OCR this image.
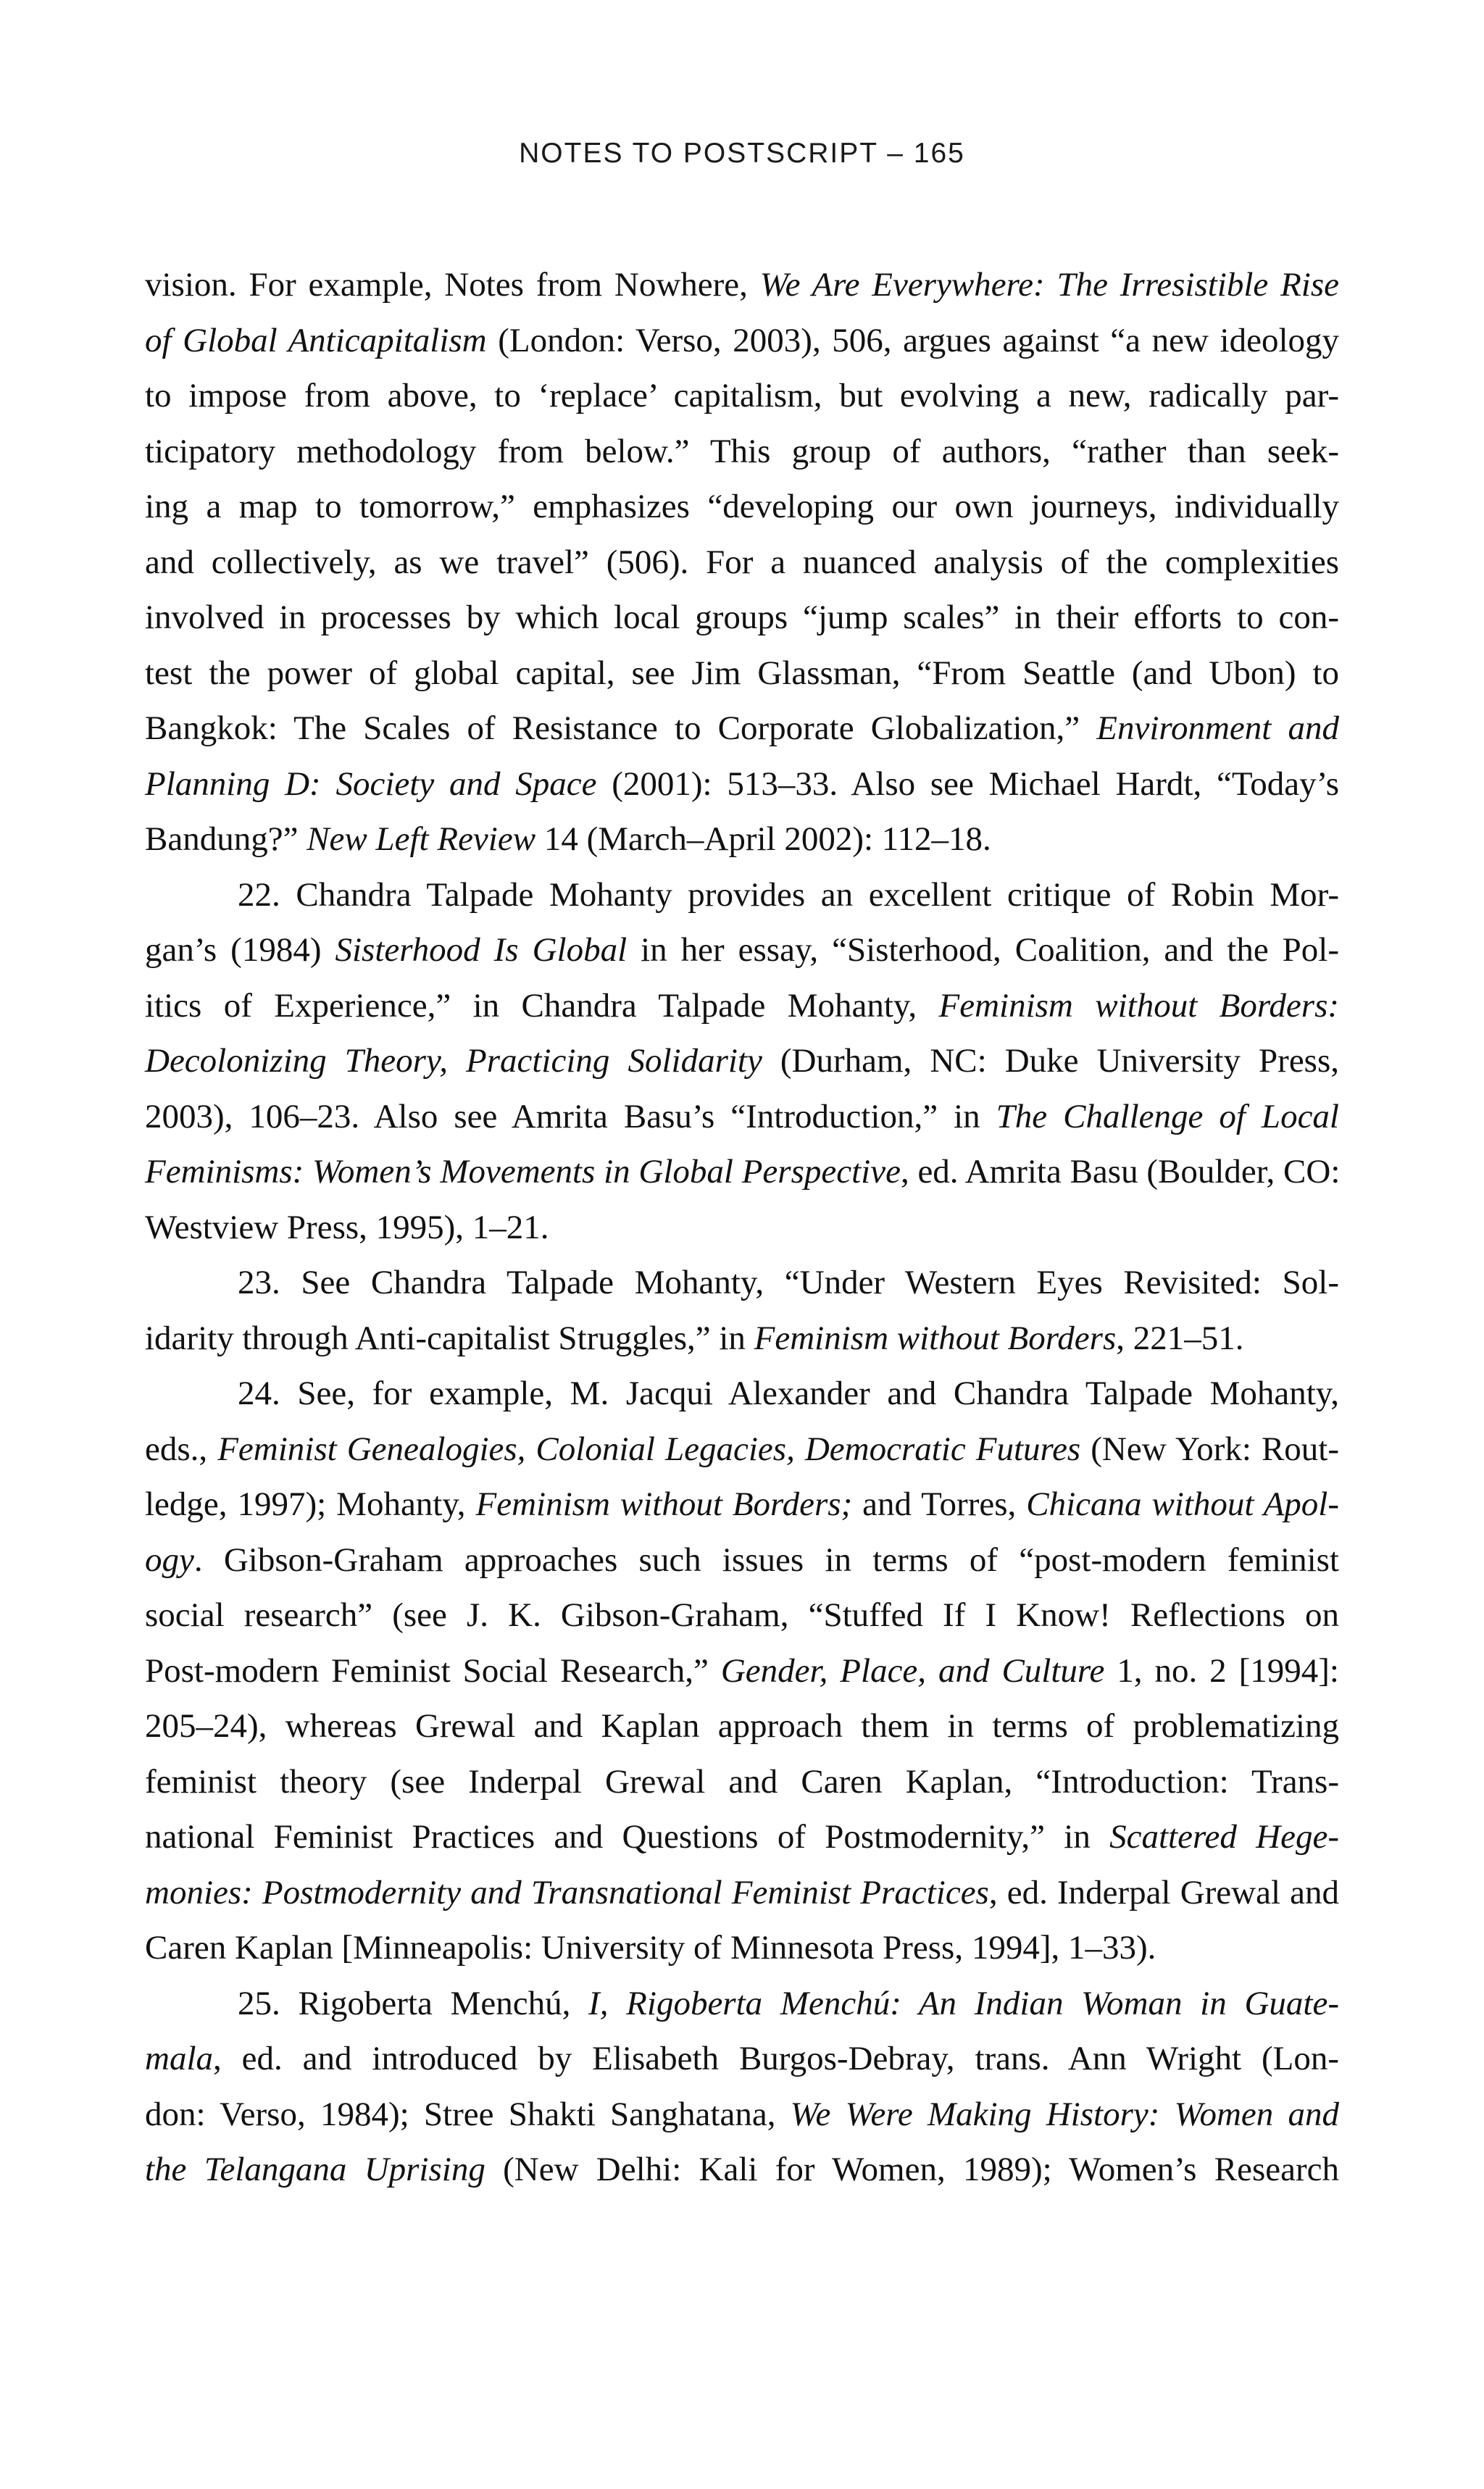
NOTES TO POSTSCRIPT – 165
vision. For example, Notes from Nowhere, We Are Everywhere: The Irresistible Rise
of Global Anticapitalism (London: Verso, 2003), 506, argues against “a new ideology
to impose from above, to ‘replace’ capitalism, but evolving a new, radically par-
ticipatory methodology from below.” This group of authors, “rather than seek-
ing a map to tomorrow,” emphasizes “developing our own journeys, individually
and collectively, as we travel” (506). For a nuanced analysis of the complexities
involved in processes by which local groups “jump scales” in their efforts to con-
test the power of global capital, see Jim Glassman, “From Seattle (and Ubon) to
Bangkok: The Scales of Resistance to Corporate Globalization,” Environment and
Planning D: Society and Space (2001): 513–33. Also see Michael Hardt, “Today’s
Bandung?” New Left Review 14 (March–April 2002): 112–18.
22. Chandra Talpade Mohanty provides an excellent critique of Robin Mor-
gan’s (1984) Sisterhood Is Global in her essay, “Sisterhood, Coalition, and the Pol-
itics of Experience,” in Chandra Talpade Mohanty, Feminism without Borders:
Decolonizing Theory, Practicing Solidarity (Durham, NC: Duke University Press,
2003), 106–23. Also see Amrita Basu’s “Introduction,” in The Challenge of Local
Feminisms: Women’s Movements in Global Perspective, ed. Amrita Basu (Boulder, CO:
Westview Press, 1995), 1–21.
23. See Chandra Talpade Mohanty, “Under Western Eyes Revisited: Sol-
idarity through Anti-capitalist Struggles,” in Feminism without Borders, 221–51.
24. See, for example, M. Jacqui Alexander and Chandra Talpade Mohanty,
eds., Feminist Genealogies, Colonial Legacies, Democratic Futures (New York: Rout-
ledge, 1997); Mohanty, Feminism without Borders; and Torres, Chicana without Apol-
ogy. Gibson-Graham approaches such issues in terms of “post-modern feminist
social research” (see J. K. Gibson-Graham, “Stuffed If I Know! Reflections on
Post-modern Feminist Social Research,” Gender, Place, and Culture 1, no. 2 [1994]:
205–24), whereas Grewal and Kaplan approach them in terms of problematizing
feminist theory (see Inderpal Grewal and Caren Kaplan, “Introduction: Trans-
national Feminist Practices and Questions of Postmodernity,” in Scattered Hege-
monies: Postmodernity and Transnational Feminist Practices, ed. Inderpal Grewal and
Caren Kaplan [Minneapolis: University of Minnesota Press, 1994], 1–33).
25. Rigoberta Menchú, I, Rigoberta Menchú: An Indian Woman in Guate-
mala, ed. and introduced by Elisabeth Burgos-Debray, trans. Ann Wright (Lon-
don: Verso, 1984); Stree Shakti Sanghatana, We Were Making History: Women and
the Telangana Uprising (New Delhi: Kali for Women, 1989); Women’s Research
